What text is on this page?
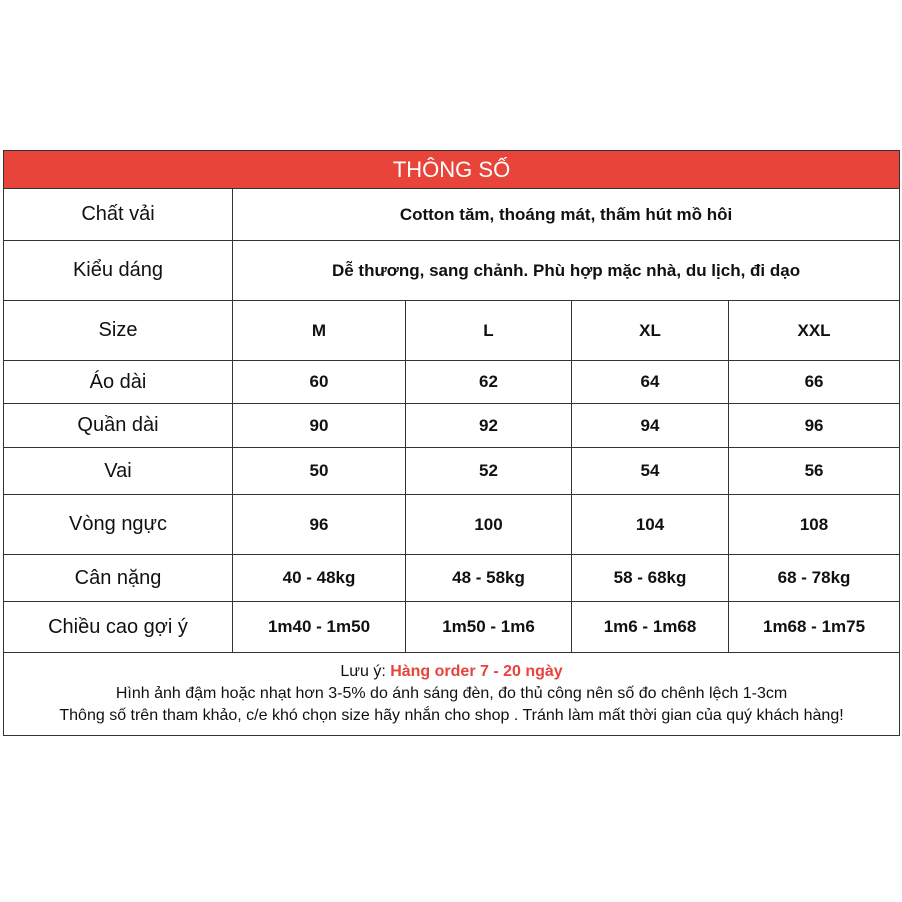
THÔNG SỐ				
Chất vải	Cotton tăm, thoáng mát, thấm hút mồ hôi			
Kiểu dáng	Dễ thương, sang chảnh. Phù hợp mặc nhà, du lịch, đi dạo			
Size	M	L	XL	XXL
Áo dài	60	62	64	66
Quần dài	90	92	94	96
Vai	50	52	54	56
Vòng ngực	96	100	104	108
Cân nặng	40 - 48kg	48 - 58kg	58 - 68kg	68 - 78kg
Chiều cao gợi ý	1m40 - 1m50	1m50 - 1m6	1m6 - 1m68	1m68 - 1m75

Lưu ý: Hàng order 7 - 20 ngày
Hình ảnh đậm hoặc nhạt hơn 3-5% do ánh sáng đèn, đo thủ công nên số đo chênh lệch 1-3cm
Thông số trên tham khảo, c/e khó chọn size hãy nhắn cho shop . Tránh làm mất thời gian của quý khách hàng!				
